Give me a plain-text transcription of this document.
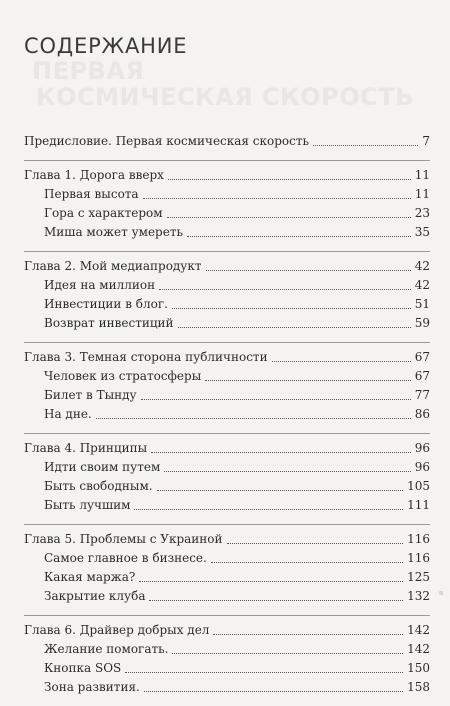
ПЕРВАЯ
КОСМИЧЕСКАЯ СКОРОСТЬ
СОДЕРЖАНИЕ
Предисловие. Первая космическая скорость	7
Глава 1. Дорога вверх	11
Первая высота	11
Гора с характером	23
Миша может умереть	35
Глава 2. Мой медиапродукт	42
Идея на миллион	42
Инвестиции в блог.	51
Возврат инвестиций	59
Глава 3. Темная сторона публичности	67
Человек из стратосферы	67
Билет в Тынду	77
На дне.	86
Глава 4. Принципы	96
Идти своим путем	96
Быть свободным.	105
Быть лучшим	111
Глава 5. Проблемы с Украиной	116
Самое главное в бизнесе.	116
Какая маржа?	125
Закрытие клуба	132
Глава 6. Драйвер добрых дел	142
Желание помогать.	142
Кнопка SOS	150
Зона развития.	158
▪
